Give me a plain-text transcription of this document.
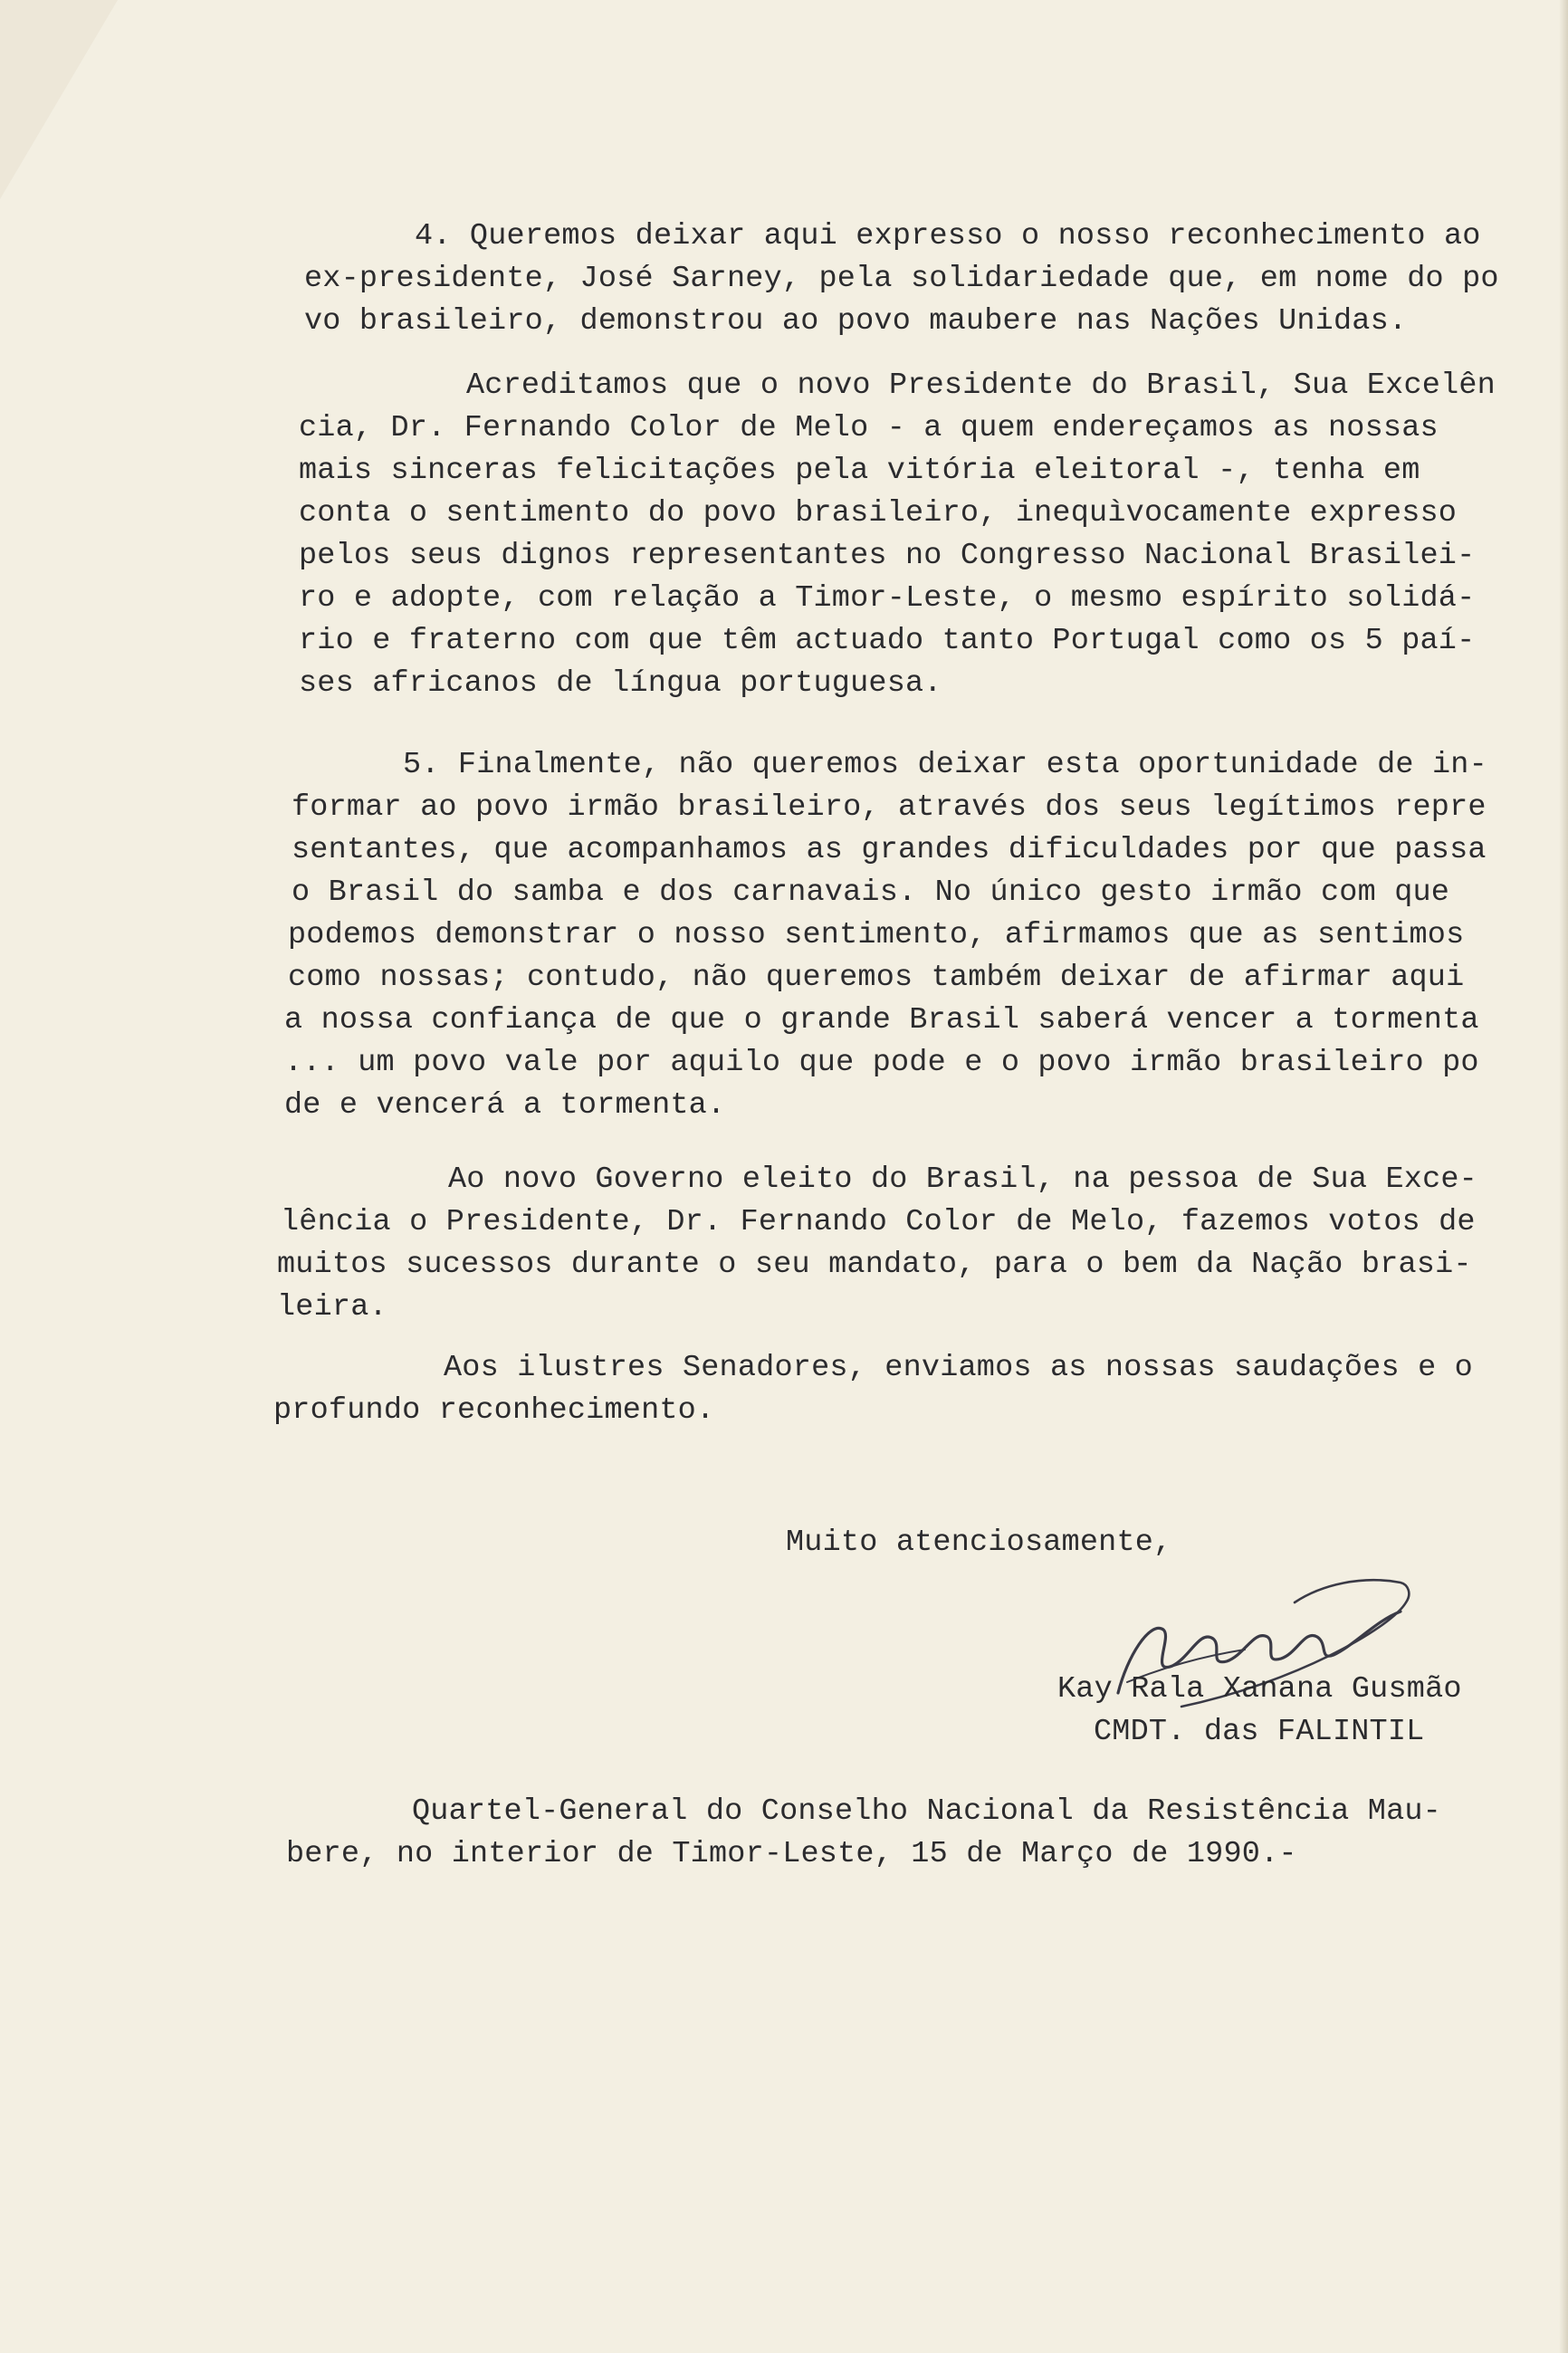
4. Queremos deixar aqui expresso o nosso reconhecimento ao
ex-presidente, José Sarney, pela solidariedade que, em nome do po
vo brasileiro, demonstrou ao povo maubere nas Nações Unidas.
Acreditamos que o novo Presidente do Brasil, Sua Excelên
cia, Dr. Fernando Color de Melo - a quem endereçamos as nossas
mais sinceras felicitações pela vitória eleitoral -, tenha em
conta o sentimento do povo brasileiro, inequìvocamente expresso
pelos seus dignos representantes no Congresso Nacional Brasilei-
ro e adopte, com relação a Timor-Leste, o mesmo espírito solidá-
rio e fraterno com que têm actuado tanto Portugal como os 5 paí-
ses africanos de língua portuguesa.
5. Finalmente, não queremos deixar esta oportunidade de in-
formar ao povo irmão brasileiro, através dos seus legítimos repre
sentantes, que acompanhamos as grandes dificuldades por que passa
o Brasil do samba e dos carnavais. No único gesto irmão com que
podemos demonstrar o nosso sentimento, afirmamos que as sentimos
como nossas; contudo, não queremos também deixar de afirmar aqui
a nossa confiança de que o grande Brasil saberá vencer a tormenta
... um povo vale por aquilo que pode e o povo irmão brasileiro po
de e vencerá a tormenta.
Ao novo Governo eleito do Brasil, na pessoa de Sua Exce-
lência o Presidente, Dr. Fernando Color de Melo, fazemos votos de
muitos sucessos durante o seu mandato, para o bem da Nação brasi-
leira.
Aos ilustres Senadores, enviamos as nossas saudações e o
profundo reconhecimento.
Muito atenciosamente,
Kay Rala Xanana Gusmão
CMDT. das FALINTIL
Quartel-General do Conselho Nacional da Resistência Mau-
bere, no interior de Timor-Leste, 15 de Março de 1990.-
